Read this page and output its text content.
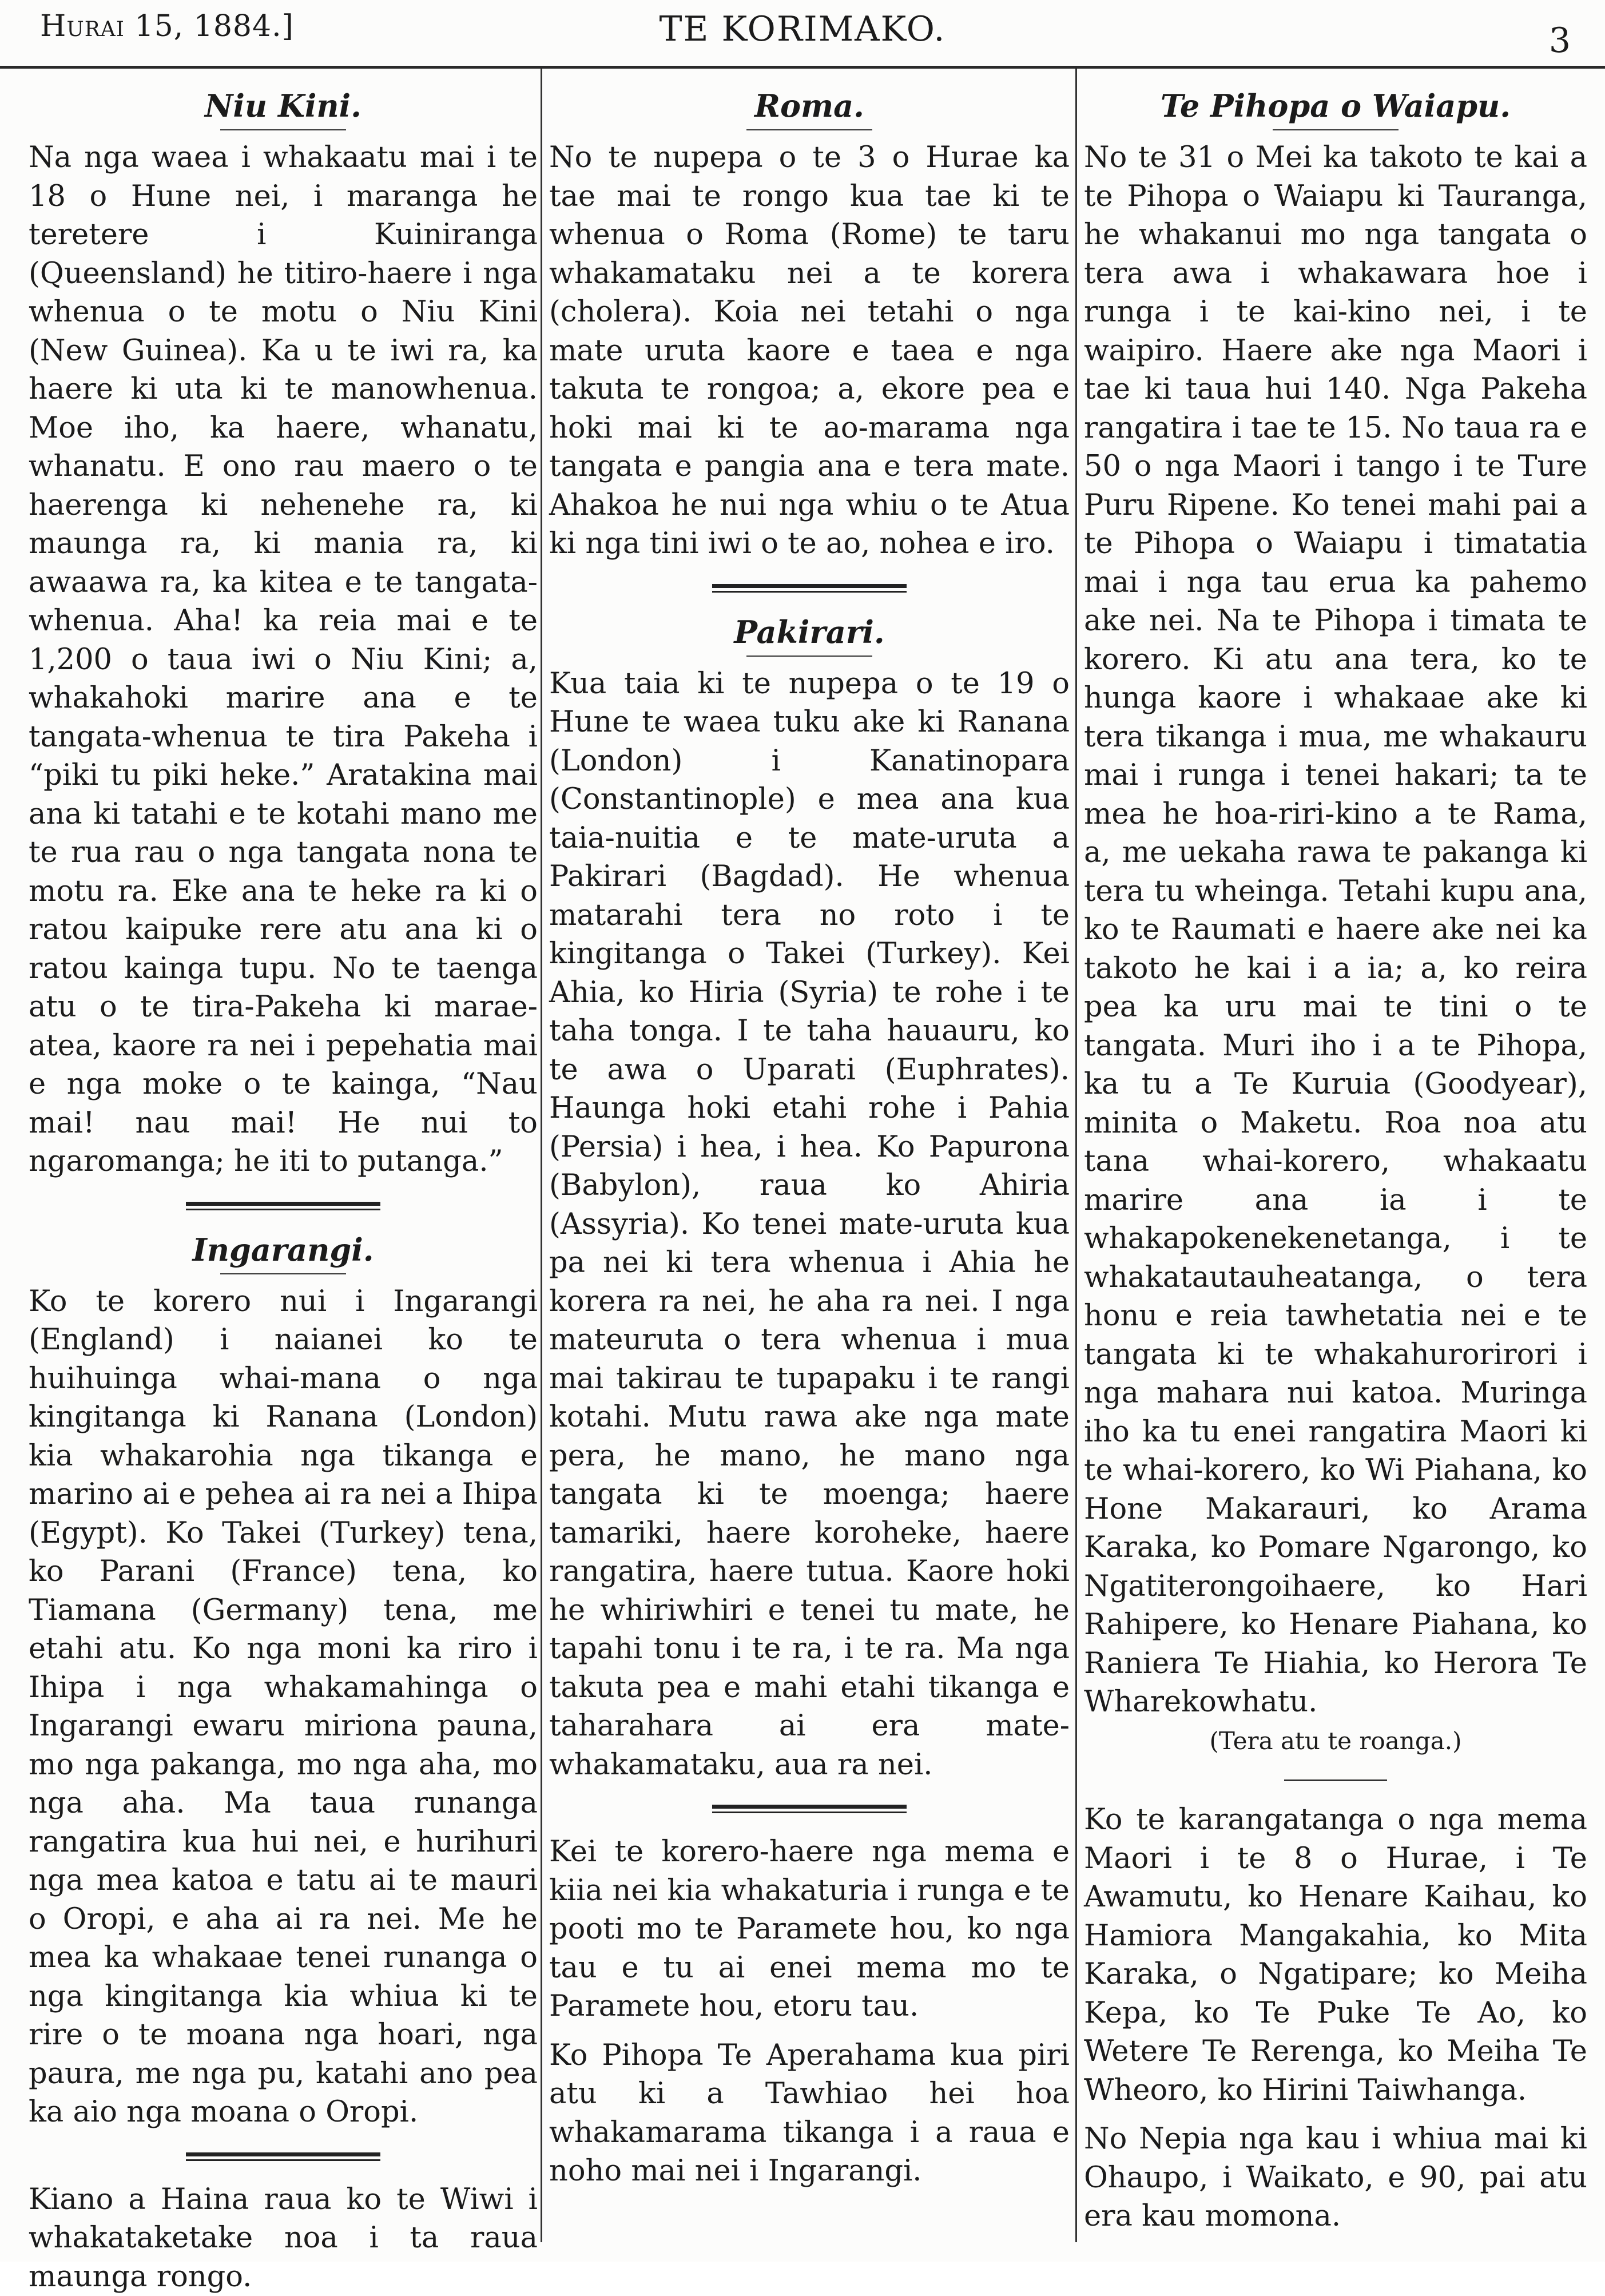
Hurai 15, 1884.]	TE KORIMAKO.	3

Niu Kini.

Na nga waea i whakaatu mai i te 18 o Hune nei, i maranga he teretere i Kuiniranga (Queensland) he titiro-haere i nga whenua o te motu o Niu Kini (New Guinea). Ka u te iwi ra, ka haere ki uta ki te manowhenua. Moe iho, ka haere, whanatu, whanatu. E ono rau maero o te haerenga ki nehenehe ra, ki maunga ra, ki mania ra, ki awaawa ra, ka kitea e te tangata-whenua. Aha! ka reia mai e te 1,200 o taua iwi o Niu Kini; a, whakahoki marire ana e te tangata-whenua te tira Pakeha i “piki tu piki heke.” Aratakina mai ana ki tatahi e te kotahi mano me te rua rau o nga tangata nona te motu ra. Eke ana te heke ra ki o ratou kaipuke rere atu ana ki o ratou kainga tupu. No te taenga atu o te tira-Pakeha ki marae-atea, kaore ra nei i pepehatia mai e nga moke o te kainga, “Nau mai! nau mai! He nui to ngaromanga; he iti to putanga.”

Ingarangi.

Ko te korero nui i Ingarangi (England) i naianei ko te huihuinga whai-mana o nga kingitanga ki Ranana (London) kia whakarohia nga tikanga e marino ai e pehea ai ra nei a Ihipa (Egypt). Ko Takei (Turkey) tena, ko Parani (France) tena, ko Tiamana (Germany) tena, me etahi atu. Ko nga moni ka riro i Ihipa i nga whakamahinga o Ingarangi ewaru miriona pauna, mo nga pakanga, mo nga aha, mo nga aha. Ma taua runanga rangatira kua hui nei, e hurihuri nga mea katoa e tatu ai te mauri o Oropi, e aha ai ra nei. Me he mea ka whakaae tenei runanga o nga kingitanga kia whiua ki te rire o te moana nga hoari, nga paura, me nga pu, katahi ano pea ka aio nga moana o Oropi.

Kiano a Haina raua ko te Wiwi i whakataketake noa i ta raua maunga rongo.

Roma.

No te nupepa o te 3 o Hurae ka tae mai te rongo kua tae ki te whenua o Roma (Rome) te taru whakamataku nei a te korera (cholera). Koia nei tetahi o nga mate uruta kaore e taea e nga takuta te rongoa; a, ekore pea e hoki mai ki te ao-marama nga tangata e pangia ana e tera mate. Ahakoa he nui nga whiu o te Atua ki nga tini iwi o te ao, nohea e iro.

Pakirari.

Kua taia ki te nupepa o te 19 o Hune te waea tuku ake ki Ranana (London) i Kanatinopara (Constantinople) e mea ana kua taia-nuitia e te mate-uruta a Pakirari (Bagdad). He whenua matarahi tera no roto i te kingitanga o Takei (Turkey). Kei Ahia, ko Hiria (Syria) te rohe i te taha tonga. I te taha hauauru, ko te awa o Uparati (Euphrates). Haunga hoki etahi rohe i Pahia (Persia) i hea, i hea. Ko Papurona (Babylon), raua ko Ahiria (Assyria). Ko tenei mate-uruta kua pa nei ki tera whenua i Ahia he korera ra nei, he aha ra nei. I nga mateuruta o tera whenua i mua mai takirau te tupapaku i te rangi kotahi. Mutu rawa ake nga mate pera, he mano, he mano nga tangata ki te moenga; haere tamariki, haere koroheke, haere rangatira, haere tutua. Kaore hoki he whiriwhiri e tenei tu mate, he tapahi tonu i te ra, i te ra. Ma nga takuta pea e mahi etahi tikanga e taharahara ai era mate-whakamataku, aua ra nei.

Kei te korero-haere nga mema e kiia nei kia whakaturia i runga e te pooti mo te Paramete hou, ko nga tau e tu ai enei mema mo te Paramete hou, etoru tau.

Ko Pihopa Te Aperahama kua piri atu ki a Tawhiao hei hoa whakamarama tikanga i a raua e noho mai nei i Ingarangi.

Te Pihopa o Waiapu.

No te 31 o Mei ka takoto te kai a te Pihopa o Waiapu ki Tauranga, he whakanui mo nga tangata o tera awa i whakawara hoe i runga i te kai-kino nei, i te waipiro. Haere ake nga Maori i tae ki taua hui 140. Nga Pakeha rangatira i tae te 15. No taua ra e 50 o nga Maori i tango i te Ture Puru Ripene. Ko tenei mahi pai a te Pihopa o Waiapu i timatatia mai i nga tau erua ka pahemo ake nei. Na te Pihopa i timata te korero. Ki atu ana tera, ko te hunga kaore i whakaae ake ki tera tikanga i mua, me whakauru mai i runga i tenei hakari; ta te mea he hoa-riri-kino a te Rama, a, me uekaha rawa te pakanga ki tera tu wheinga. Tetahi kupu ana, ko te Raumati e haere ake nei ka takoto he kai i a ia; a, ko reira pea ka uru mai te tini o te tangata. Muri iho i a te Pihopa, ka tu a Te Kuruia (Goodyear), minita o Maketu. Roa noa atu tana whai-korero, whakaatu marire ana ia i te whakapokenekenetanga, i te whakatautauheatanga, o tera honu e reia tawhetatia nei e te tangata ki te whakahurorirori i nga mahara nui katoa. Muringa iho ka tu enei rangatira Maori ki te whai-korero, ko Wi Piahana, ko Hone Makarauri, ko Arama Karaka, ko Pomare Ngarongo, ko Ngatiterongoihaere, ko Hari Rahipere, ko Henare Piahana, ko Raniera Te Hiahia, ko Herora Te Wharekowhatu.

(Tera atu te roanga.)

Ko te karangatanga o nga mema Maori i te 8 o Hurae, i Te Awamutu, ko Henare Kaihau, ko Hamiora Mangakahia, ko Mita Karaka, o Ngatipare; ko Meiha Kepa, ko Te Puke Te Ao, ko Wetere Te Rerenga, ko Meiha Te Wheoro, ko Hirini Taiwhanga.

No Nepia nga kau i whiua mai ki Ohaupo, i Waikato, e 90, pai atu era kau momona.
